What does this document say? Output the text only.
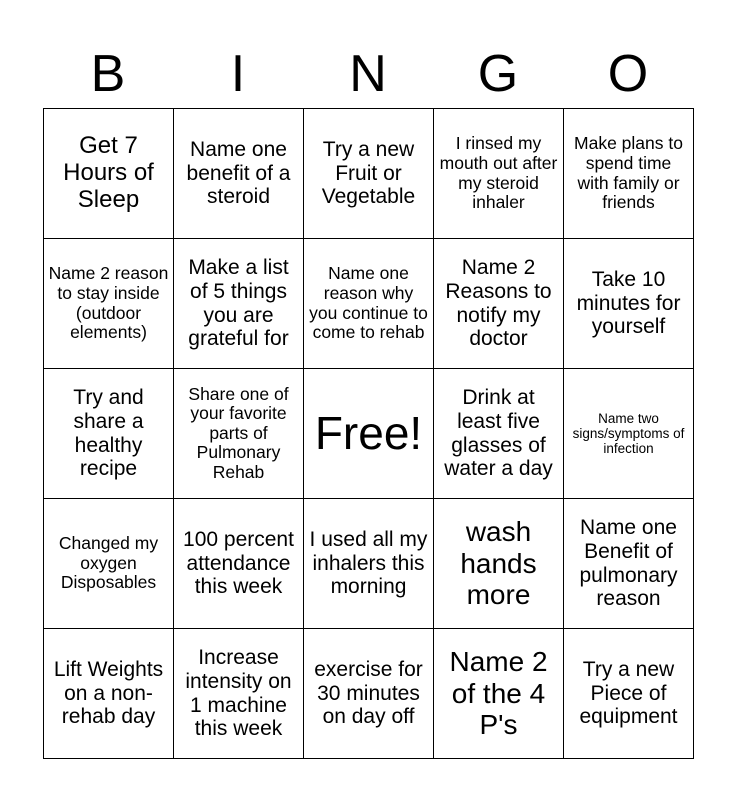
B	I	N	G	O
Get 7 Hours of Sleep	Name one benefit of a steroid	Try a new Fruit or Vegetable	I rinsed my mouth out after my steroid inhaler	Make plans to spend time with family or friends
Name 2 reason to stay inside (outdoor elements)	Make a list of 5 things you are grateful for	Name one reason why you continue to come to rehab	Name 2 Reasons to notify my doctor	Take 10 minutes for yourself
Try and share a healthy recipe	Share one of your favorite parts of Pulmonary Rehab	Free!	Drink at least five glasses of water a day	Name two signs/symptoms of infection
Changed my oxygen Disposables	100 percent attendance this week	I used all my inhalers this morning	wash hands more	Name one Benefit of pulmonary reason
Lift Weights on a non-rehab day	Increase intensity on 1 machine this week	exercise for 30 minutes on day off	Name 2 of the 4 P's	Try a new Piece of equipment
